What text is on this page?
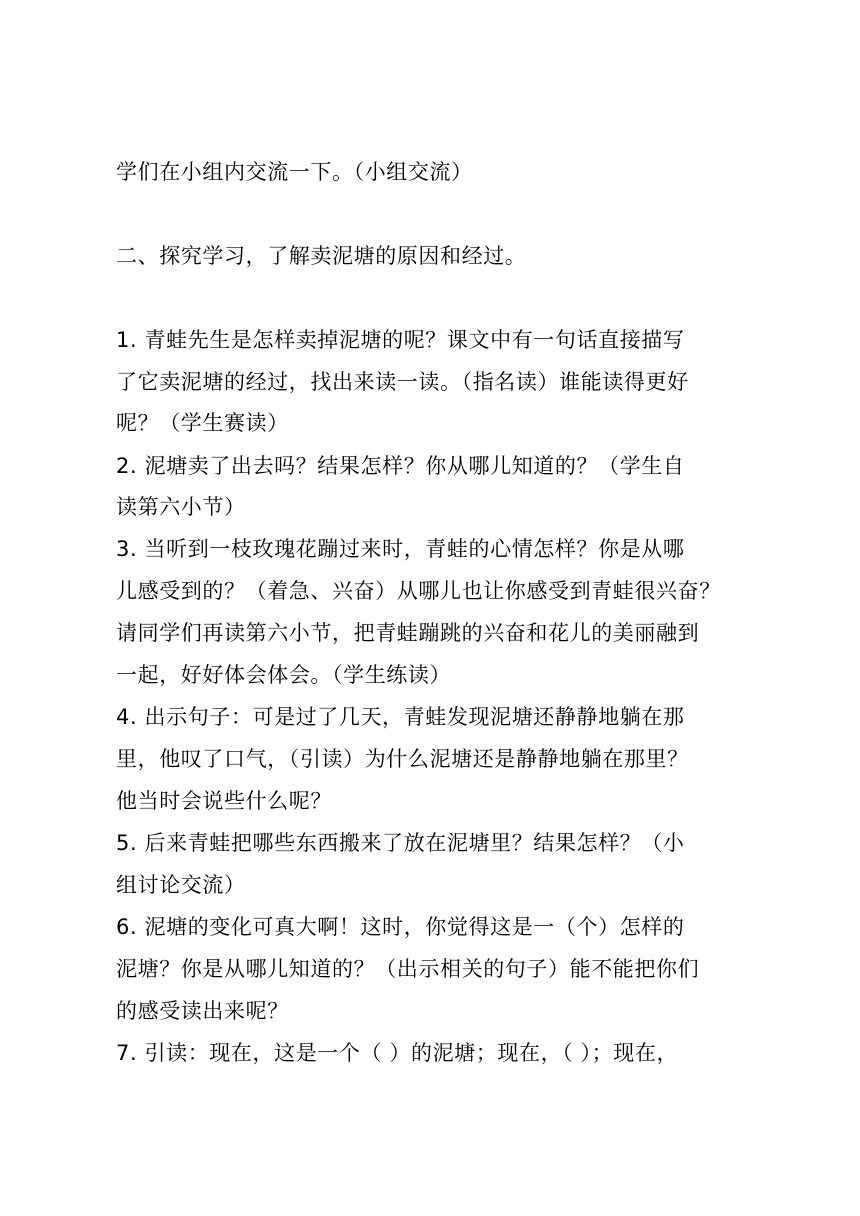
学们在小组内交流一下。（小组交流）
二、探究学习，了解卖泥塘的原因和经过。
1. 青蛙先生是怎样卖掉泥塘的呢？课文中有一句话直接描写
了它卖泥塘的经过，找出来读一读。（指名读）谁能读得更好
呢？（学生赛读）
2. 泥塘卖了出去吗？结果怎样？你从哪儿知道的？（学生自
读第六小节）
3. 当听到一枝玫瑰花蹦过来时，青蛙的心情怎样？你是从哪
儿感受到的？（着急、兴奋）从哪儿也让你感受到青蛙很兴奋？
请同学们再读第六小节，把青蛙蹦跳的兴奋和花儿的美丽融到
一起，好好体会体会。（学生练读）
4. 出示句子：可是过了几天，青蛙发现泥塘还静静地躺在那
里，他叹了口气，（引读）为什么泥塘还是静静地躺在那里？
他当时会说些什么呢？
5. 后来青蛙把哪些东西搬来了放在泥塘里？结果怎样？（小
组讨论交流）
6. 泥塘的变化可真大啊！这时，你觉得这是一（个）怎样的
泥塘？你是从哪儿知道的？（出示相关的句子）能不能把你们
的感受读出来呢？
7. 引读：现在，这是一个（ ）的泥塘；现在，（ ）；现在，
